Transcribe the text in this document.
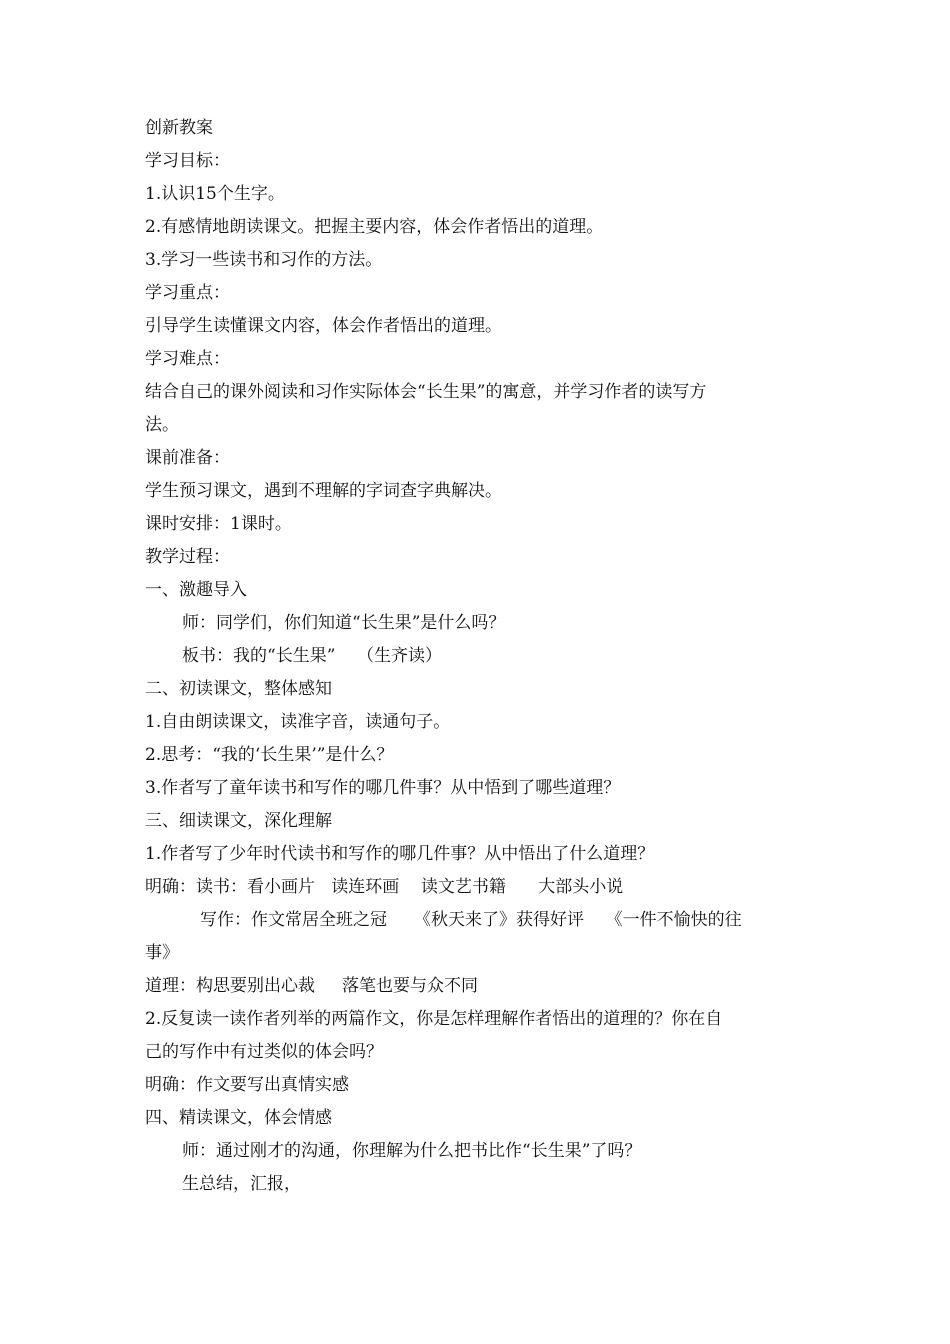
创新教案
学习目标：
1.认识15个生字。
2.有感情地朗读课文。把握主要内容，体会作者悟出的道理。
3.学习一些读书和习作的方法。
学习重点：
引导学生读懂课文内容，体会作者悟出的道理。
学习难点：
结合自己的课外阅读和习作实际体会“长生果”的寓意，并学习作者的读写方
法。
课前准备：
学生预习课文，遇到不理解的字词查字典解决。
课时安排：1课时。
教学过程：
一、激趣导入
师：同学们，你们知道“长生果”是什么吗？
板书：我的“长生果”    （生齐读）
二、初读课文，整体感知
1.自由朗读课文，读准字音，读通句子。
2.思考：“我的‘长生果’”是什么？
3.作者写了童年读书和写作的哪几件事？从中悟到了哪些道理？
三、细读课文，深化理解
1.作者写了少年时代读书和写作的哪几件事？从中悟出了什么道理？
明确：读书：看小画片   读连环画    读文艺书籍      大部头小说
写作：作文常居全班之冠     《秋天来了》获得好评    《一件不愉快的往
事》
道理：构思要别出心裁     落笔也要与众不同
2.反复读一读作者列举的两篇作文，你是怎样理解作者悟出的道理的？你在自
己的写作中有过类似的体会吗？
明确：作文要写出真情实感
四、精读课文，体会情感
师：通过刚才的沟通，你理解为什么把书比作“长生果”了吗？
生总结，汇报，
